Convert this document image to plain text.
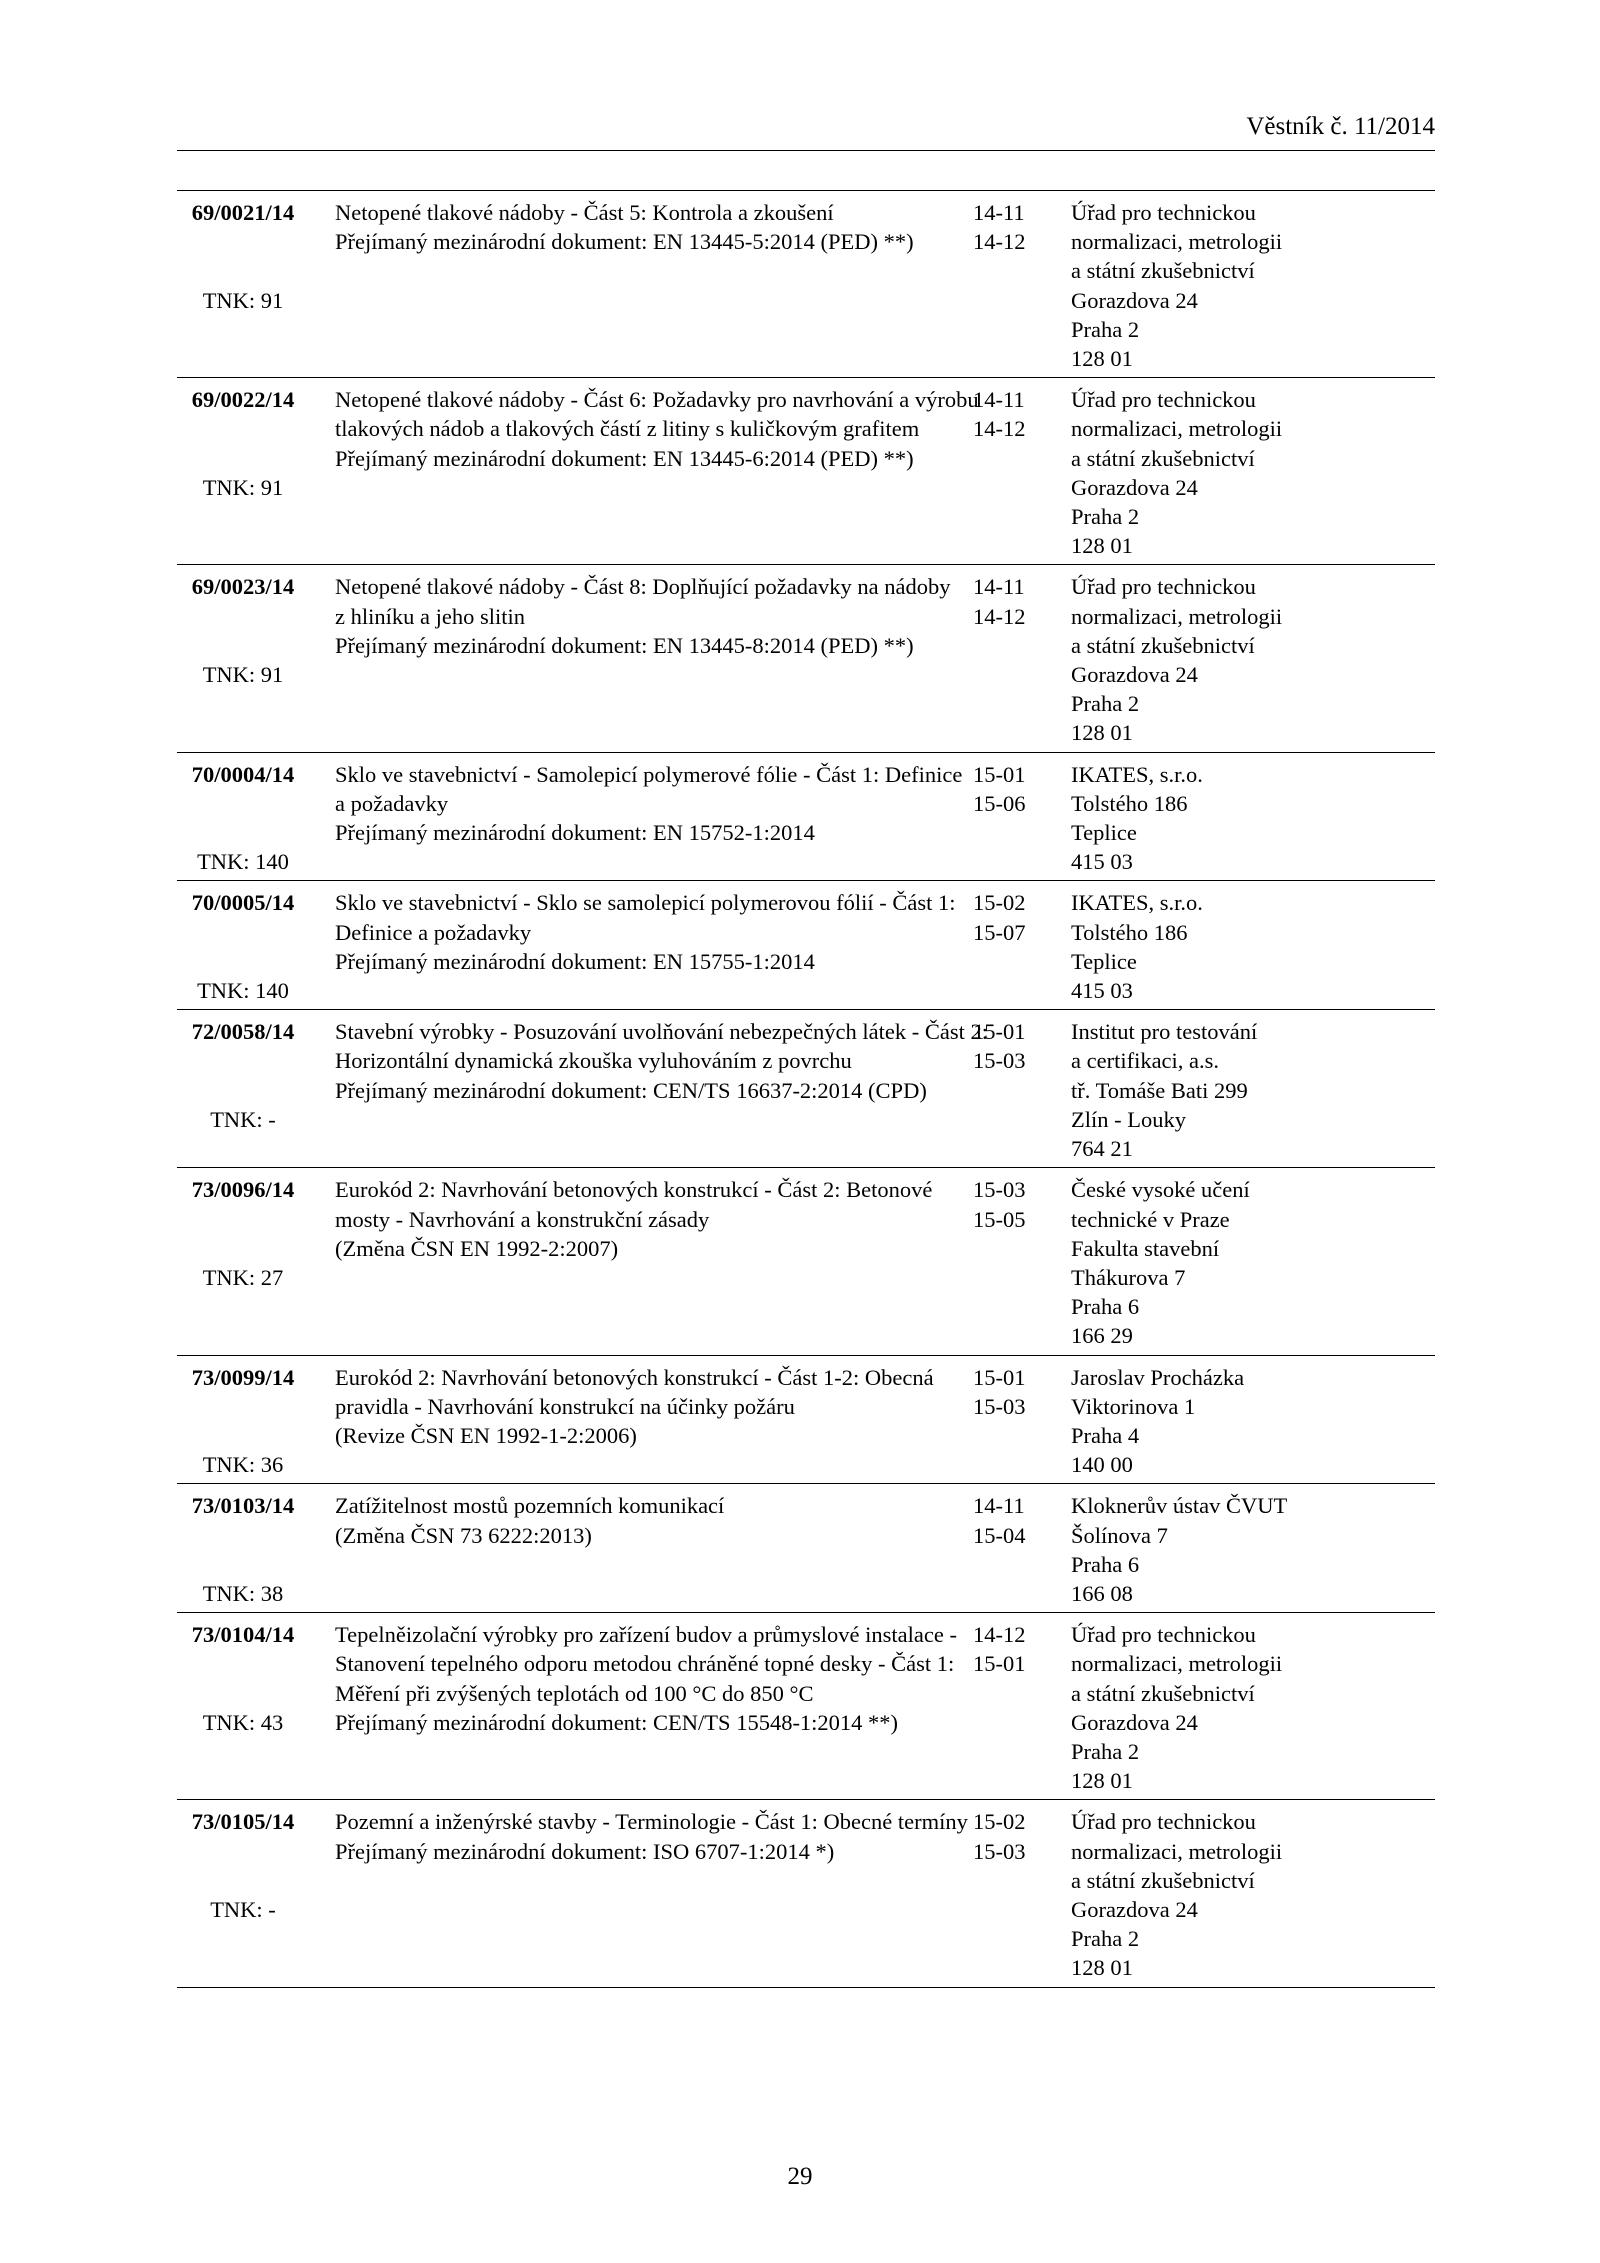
Věstník č. 11/2014
69/0021/14
TNK: 91
Netopené tlakové nádoby - Část 5: Kontrola a zkoušení
Přejímaný mezinárodní dokument: EN 13445-5:2014 (PED) **)
14-11
14-12
Úřad pro technickou
normalizaci, metrologii
a státní zkušebnictví
Gorazdova 24
Praha 2
128 01
69/0022/14
TNK: 91
Netopené tlakové nádoby - Část 6: Požadavky pro navrhování a výrobu
tlakových nádob a tlakových částí z litiny s kuličkovým grafitem
Přejímaný mezinárodní dokument: EN 13445-6:2014 (PED) **)
14-11
14-12
Úřad pro technickou
normalizaci, metrologii
a státní zkušebnictví
Gorazdova 24
Praha 2
128 01
69/0023/14
TNK: 91
Netopené tlakové nádoby - Část 8: Doplňující požadavky na nádoby
z hliníku a jeho slitin
Přejímaný mezinárodní dokument: EN 13445-8:2014 (PED) **)
14-11
14-12
Úřad pro technickou
normalizaci, metrologii
a státní zkušebnictví
Gorazdova 24
Praha 2
128 01
70/0004/14
TNK: 140
Sklo ve stavebnictví - Samolepicí polymerové fólie - Část 1: Definice
a požadavky
Přejímaný mezinárodní dokument: EN 15752-1:2014
15-01
15-06
IKATES, s.r.o.
Tolstého 186
Teplice
415 03
70/0005/14
TNK: 140
Sklo ve stavebnictví - Sklo se samolepicí polymerovou fólií - Část 1:
Definice a požadavky
Přejímaný mezinárodní dokument: EN 15755-1:2014
15-02
15-07
IKATES, s.r.o.
Tolstého 186
Teplice
415 03
72/0058/14
TNK: -
Stavební výrobky - Posuzování uvolňování nebezpečných látek - Část 2:
Horizontální dynamická zkouška vyluhováním z povrchu
Přejímaný mezinárodní dokument: CEN/TS 16637-2:2014 (CPD)
15-01
15-03
Institut pro testování
a certifikaci, a.s.
tř. Tomáše Bati 299
Zlín - Louky
764 21
73/0096/14
TNK: 27
Eurokód 2: Navrhování betonových konstrukcí - Část 2: Betonové
mosty - Navrhování a konstrukční zásady
(Změna ČSN EN 1992-2:2007)
15-03
15-05
České vysoké učení
technické v Praze
Fakulta stavební
Thákurova 7
Praha 6
166 29
73/0099/14
TNK: 36
Eurokód 2: Navrhování betonových konstrukcí - Část 1-2: Obecná
pravidla - Navrhování konstrukcí na účinky požáru
(Revize ČSN EN 1992-1-2:2006)
15-01
15-03
Jaroslav Procházka
Viktorinova 1
Praha 4
140 00
73/0103/14
TNK: 38
Zatížitelnost mostů pozemních komunikací
(Změna ČSN 73 6222:2013)
14-11
15-04
Kloknerův ústav ČVUT
Šolínova 7
Praha 6
166 08
73/0104/14
TNK: 43
Tepelněizolační výrobky pro zařízení budov a průmyslové instalace -
Stanovení tepelného odporu metodou chráněné topné desky - Část 1:
Měření při zvýšených teplotách od 100 °C do 850 °C
Přejímaný mezinárodní dokument: CEN/TS 15548-1:2014 **)
14-12
15-01
Úřad pro technickou
normalizaci, metrologii
a státní zkušebnictví
Gorazdova 24
Praha 2
128 01
73/0105/14
TNK: -
Pozemní a inženýrské stavby - Terminologie - Část 1: Obecné termíny
Přejímaný mezinárodní dokument: ISO 6707-1:2014 *)
15-02
15-03
Úřad pro technickou
normalizaci, metrologii
a státní zkušebnictví
Gorazdova 24
Praha 2
128 01
29
